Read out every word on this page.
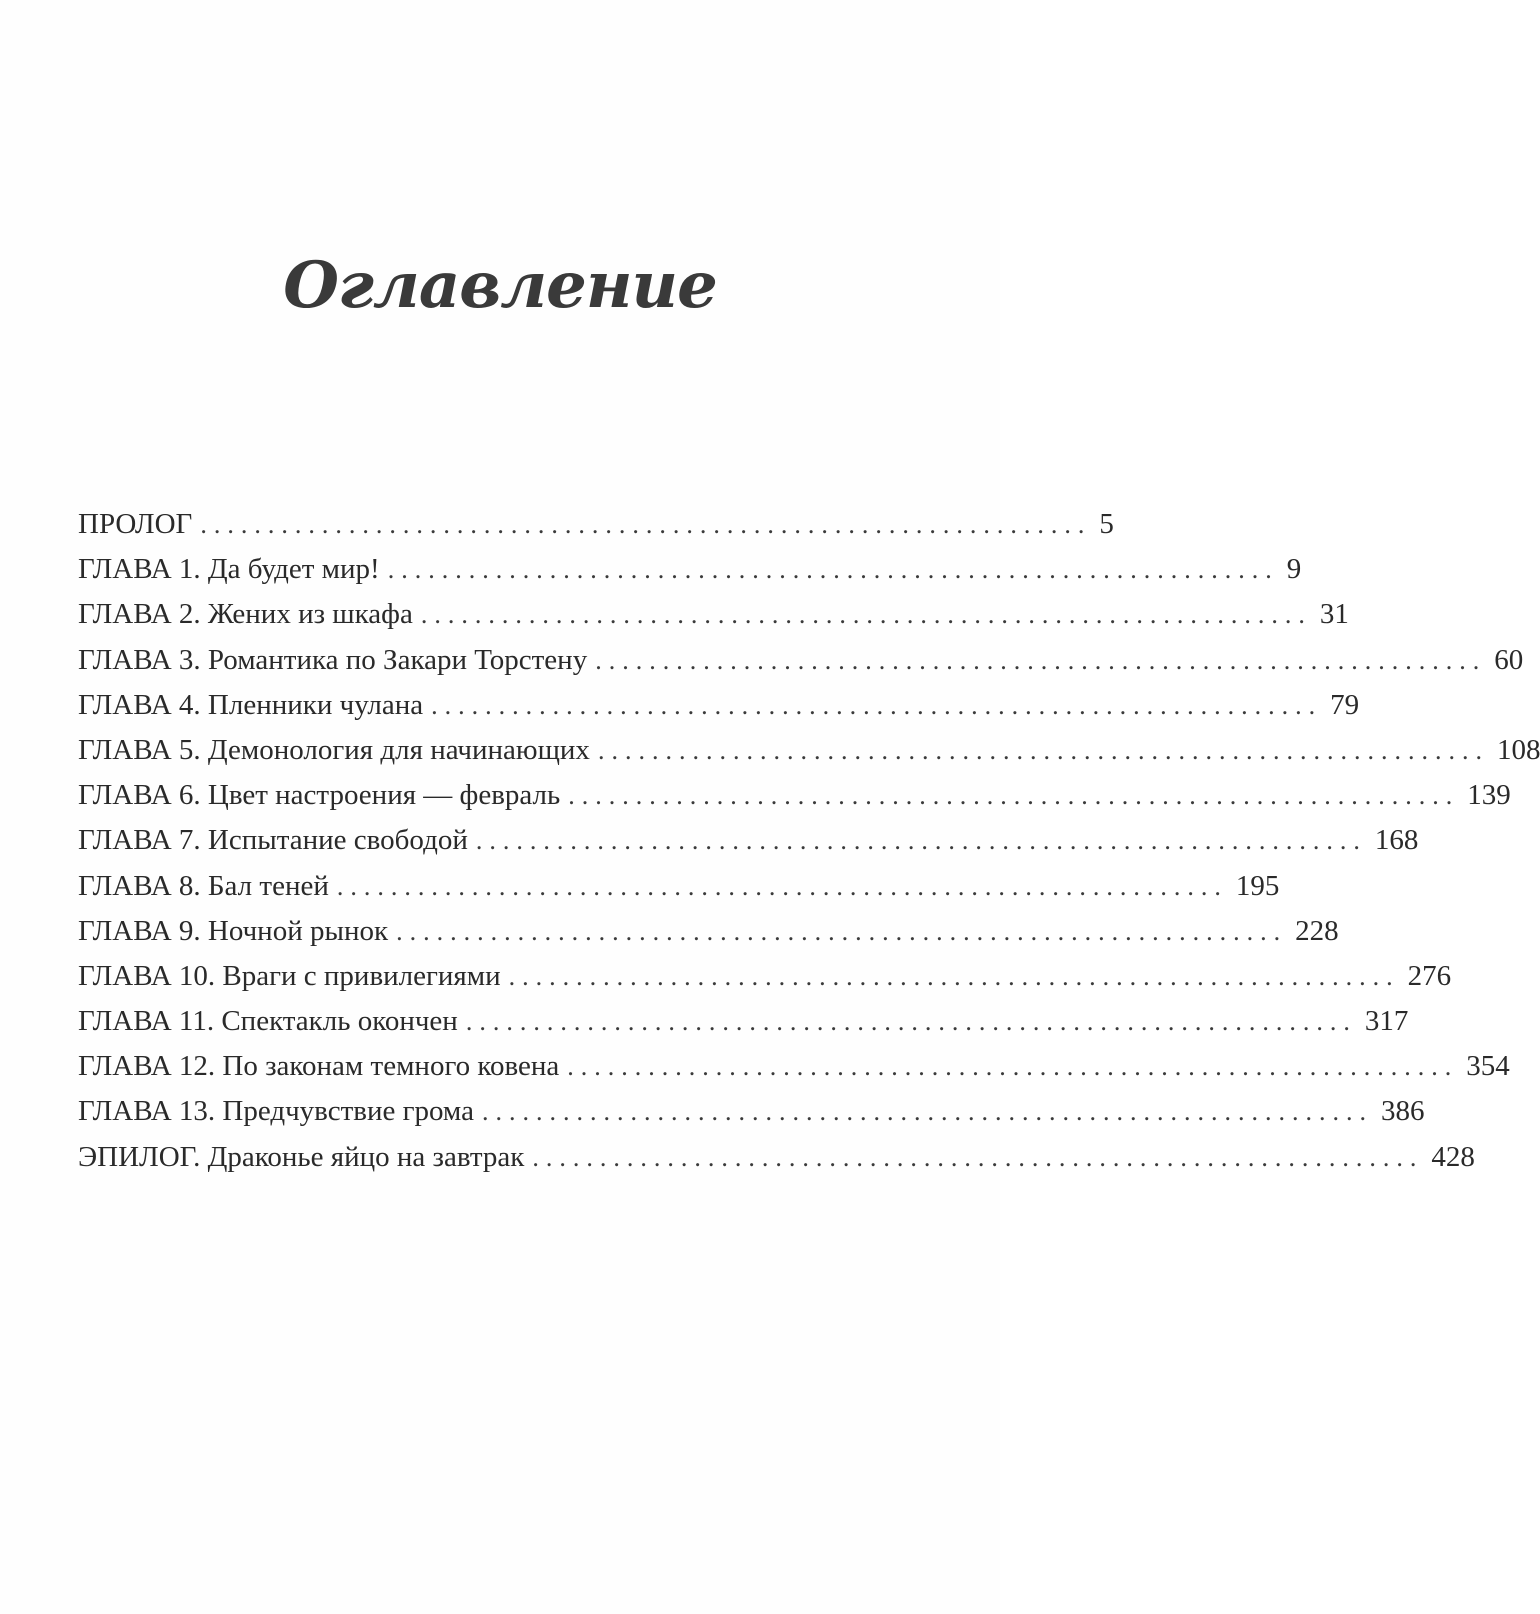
Оглавление
ПРОЛОГ .................................................................. 5
ГЛАВА 1. Да будет мир! .................................................................. 9
ГЛАВА 2. Жених из шкафа .................................................................. 31
ГЛАВА 3. Романтика по Закари Торстену .................................................................. 60
ГЛАВА 4. Пленники чулана .................................................................. 79
ГЛАВА 5. Демонология для начинающих .................................................................. 108
ГЛАВА 6. Цвет настроения — февраль .................................................................. 139
ГЛАВА 7. Испытание свободой .................................................................. 168
ГЛАВА 8. Бал теней .................................................................. 195
ГЛАВА 9. Ночной рынок .................................................................. 228
ГЛАВА 10. Враги с привилегиями .................................................................. 276
ГЛАВА 11. Спектакль окончен .................................................................. 317
ГЛАВА 12. По законам темного ковена .................................................................. 354
ГЛАВА 13. Предчувствие грома .................................................................. 386
ЭПИЛОГ. Драконье яйцо на завтрак .................................................................. 428
